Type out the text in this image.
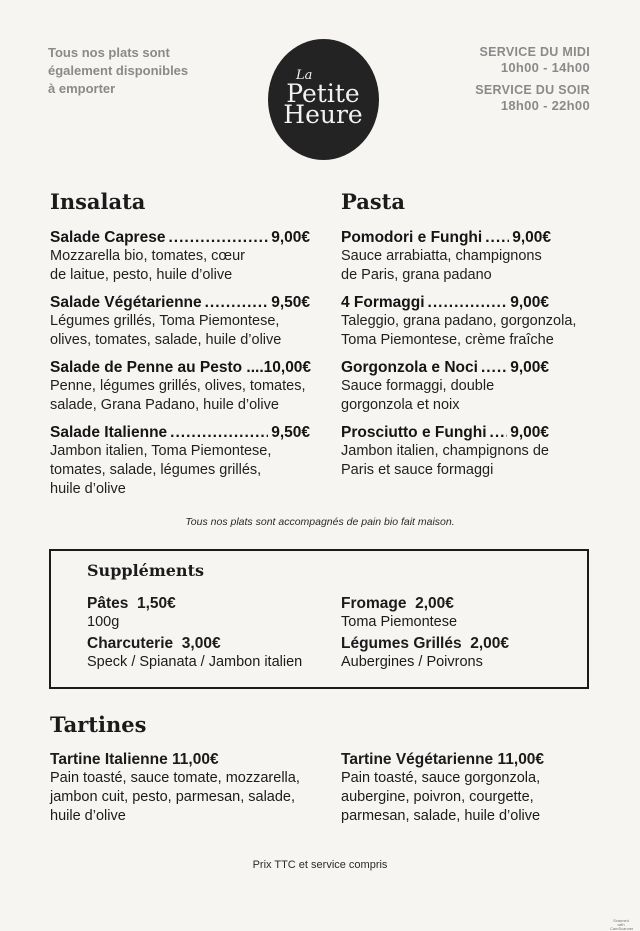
Tous nos plats sont
également disponibles
à emporter
La
Petite
Heure
SERVICE DU MIDI
10h00 - 14h00
SERVICE DU SOIR
18h00 - 22h00
Insalata
Salade Caprese .....	9,00€
Mozzarella bio, tomates, cœur
de laitue, pesto, huile d’olive
Salade Végétarienne .....	9,50€
Légumes grillés, Toma Piemontese,
olives, tomates, salade, huile d’olive
Salade de Penne au Pesto .... 10,00€
Penne, légumes grillés, olives, tomates,
salade, Grana Padano, huile d’olive
Salade Italienne .....	9,50€
Jambon italien, Toma Piemontese,
tomates, salade, légumes grillés,
huile d’olive
Pasta
Pomodori e Funghi ..... 9,00€
Sauce arrabiatta, champignons
de Paris, grana padano
4 Formaggi .....	9,00€
Taleggio, grana padano, gorgonzola,
Toma Piemontese, crème fraîche
Gorgonzola e Noci ..... 9,00€
Sauce formaggi, double
gorgonzola et noix
Prosciutto e Funghi ..... 9,00€
Jambon italien, champignons de
Paris et sauce formaggi
Tous nos plats sont accompagnés de pain bio fait maison.
Suppléments
Pâtes 1,50€
100g
Charcuterie 3,00€
Speck / Spianata / Jambon italien
Fromage 2,00€
Toma Piemontese
Légumes Grillés 2,00€
Aubergines / Poivrons
Tartines
Tartine Italienne 11,00€
Pain toasté, sauce tomate, mozzarella,
jambon cuit, pesto, parmesan, salade,
huile d’olive
Tartine Végétarienne 11,00€
Pain toasté, sauce gorgonzola,
aubergine, poivron, courgette,
parmesan, salade, huile d’olive
Prix TTC et service compris
Scanned with CamScanner
